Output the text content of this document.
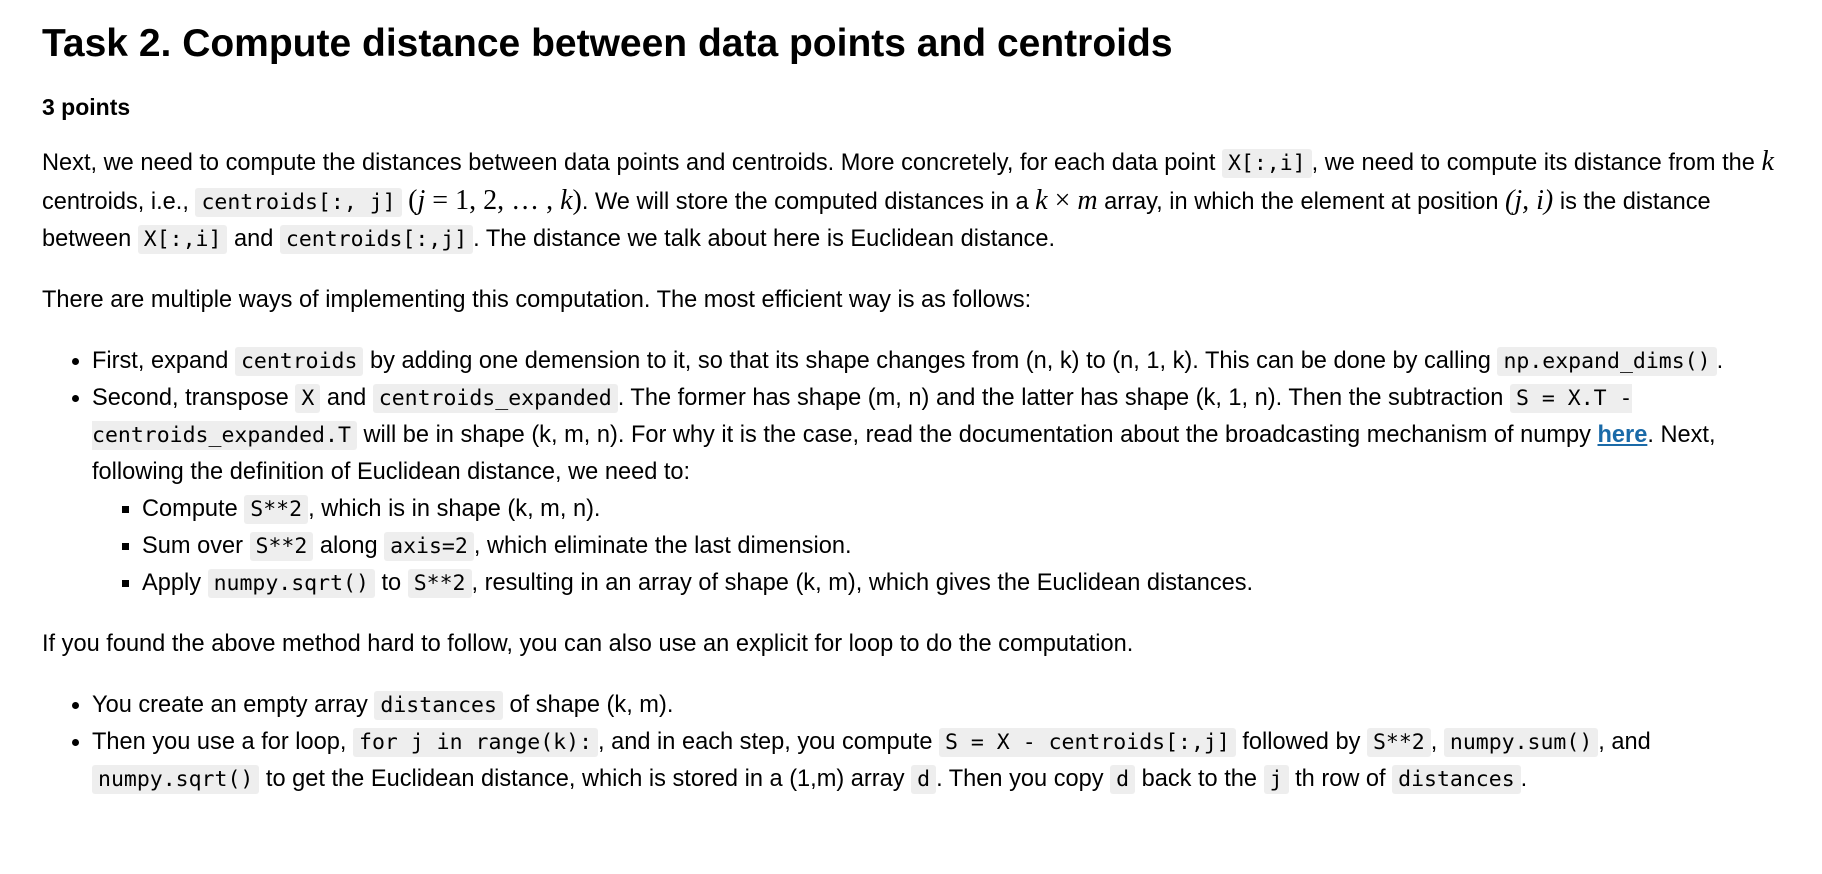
Task 2. Compute distance between data points and centroids
3 points

Next, we need to compute the distances between data points and centroids. More concretely, for each data point X[:,i] , we need to compute its distance from the k centroids, i.e., centroids[:, j] (j = 1, 2, … , k). We will store the computed distances in a k × m array, in which the element at position (j, i) is the distance between X[:,i] and centroids[:,j] . The distance we talk about here is Euclidean distance.

There are multiple ways of implementing this computation. The most efficient way is as follows:

• First, expand centroids by adding one demension to it, so that its shape changes from (n, k) to (n, 1, k). This can be done by calling np.expand_dims() .
• Second, transpose X and centroids_expanded . The former has shape (m, n) and the latter has shape (k, 1, n). Then the subtraction S = X.T - centroids_expanded.T will be in shape (k, m, n). For why it is the case, read the documentation about the broadcasting mechanism of numpy here. Next, following the definition of Euclidean distance, we need to:
▪ Compute S**2 , which is in shape (k, m, n).
▪ Sum over S**2 along axis=2 , which eliminate the last dimension.
▪ Apply numpy.sqrt() to S**2 , resulting in an array of shape (k, m), which gives the Euclidean distances.

If you found the above method hard to follow, you can also use an explicit for loop to do the computation.

• You create an empty array distances of shape (k, m).
• Then you use a for loop, for j in range(k): , and in each step, you compute S = X - centroids[:,j] followed by S**2 , numpy.sum() , and numpy.sqrt() to get the Euclidean distance, which is stored in a (1,m) array d . Then you copy d back to the j th row of distances .
